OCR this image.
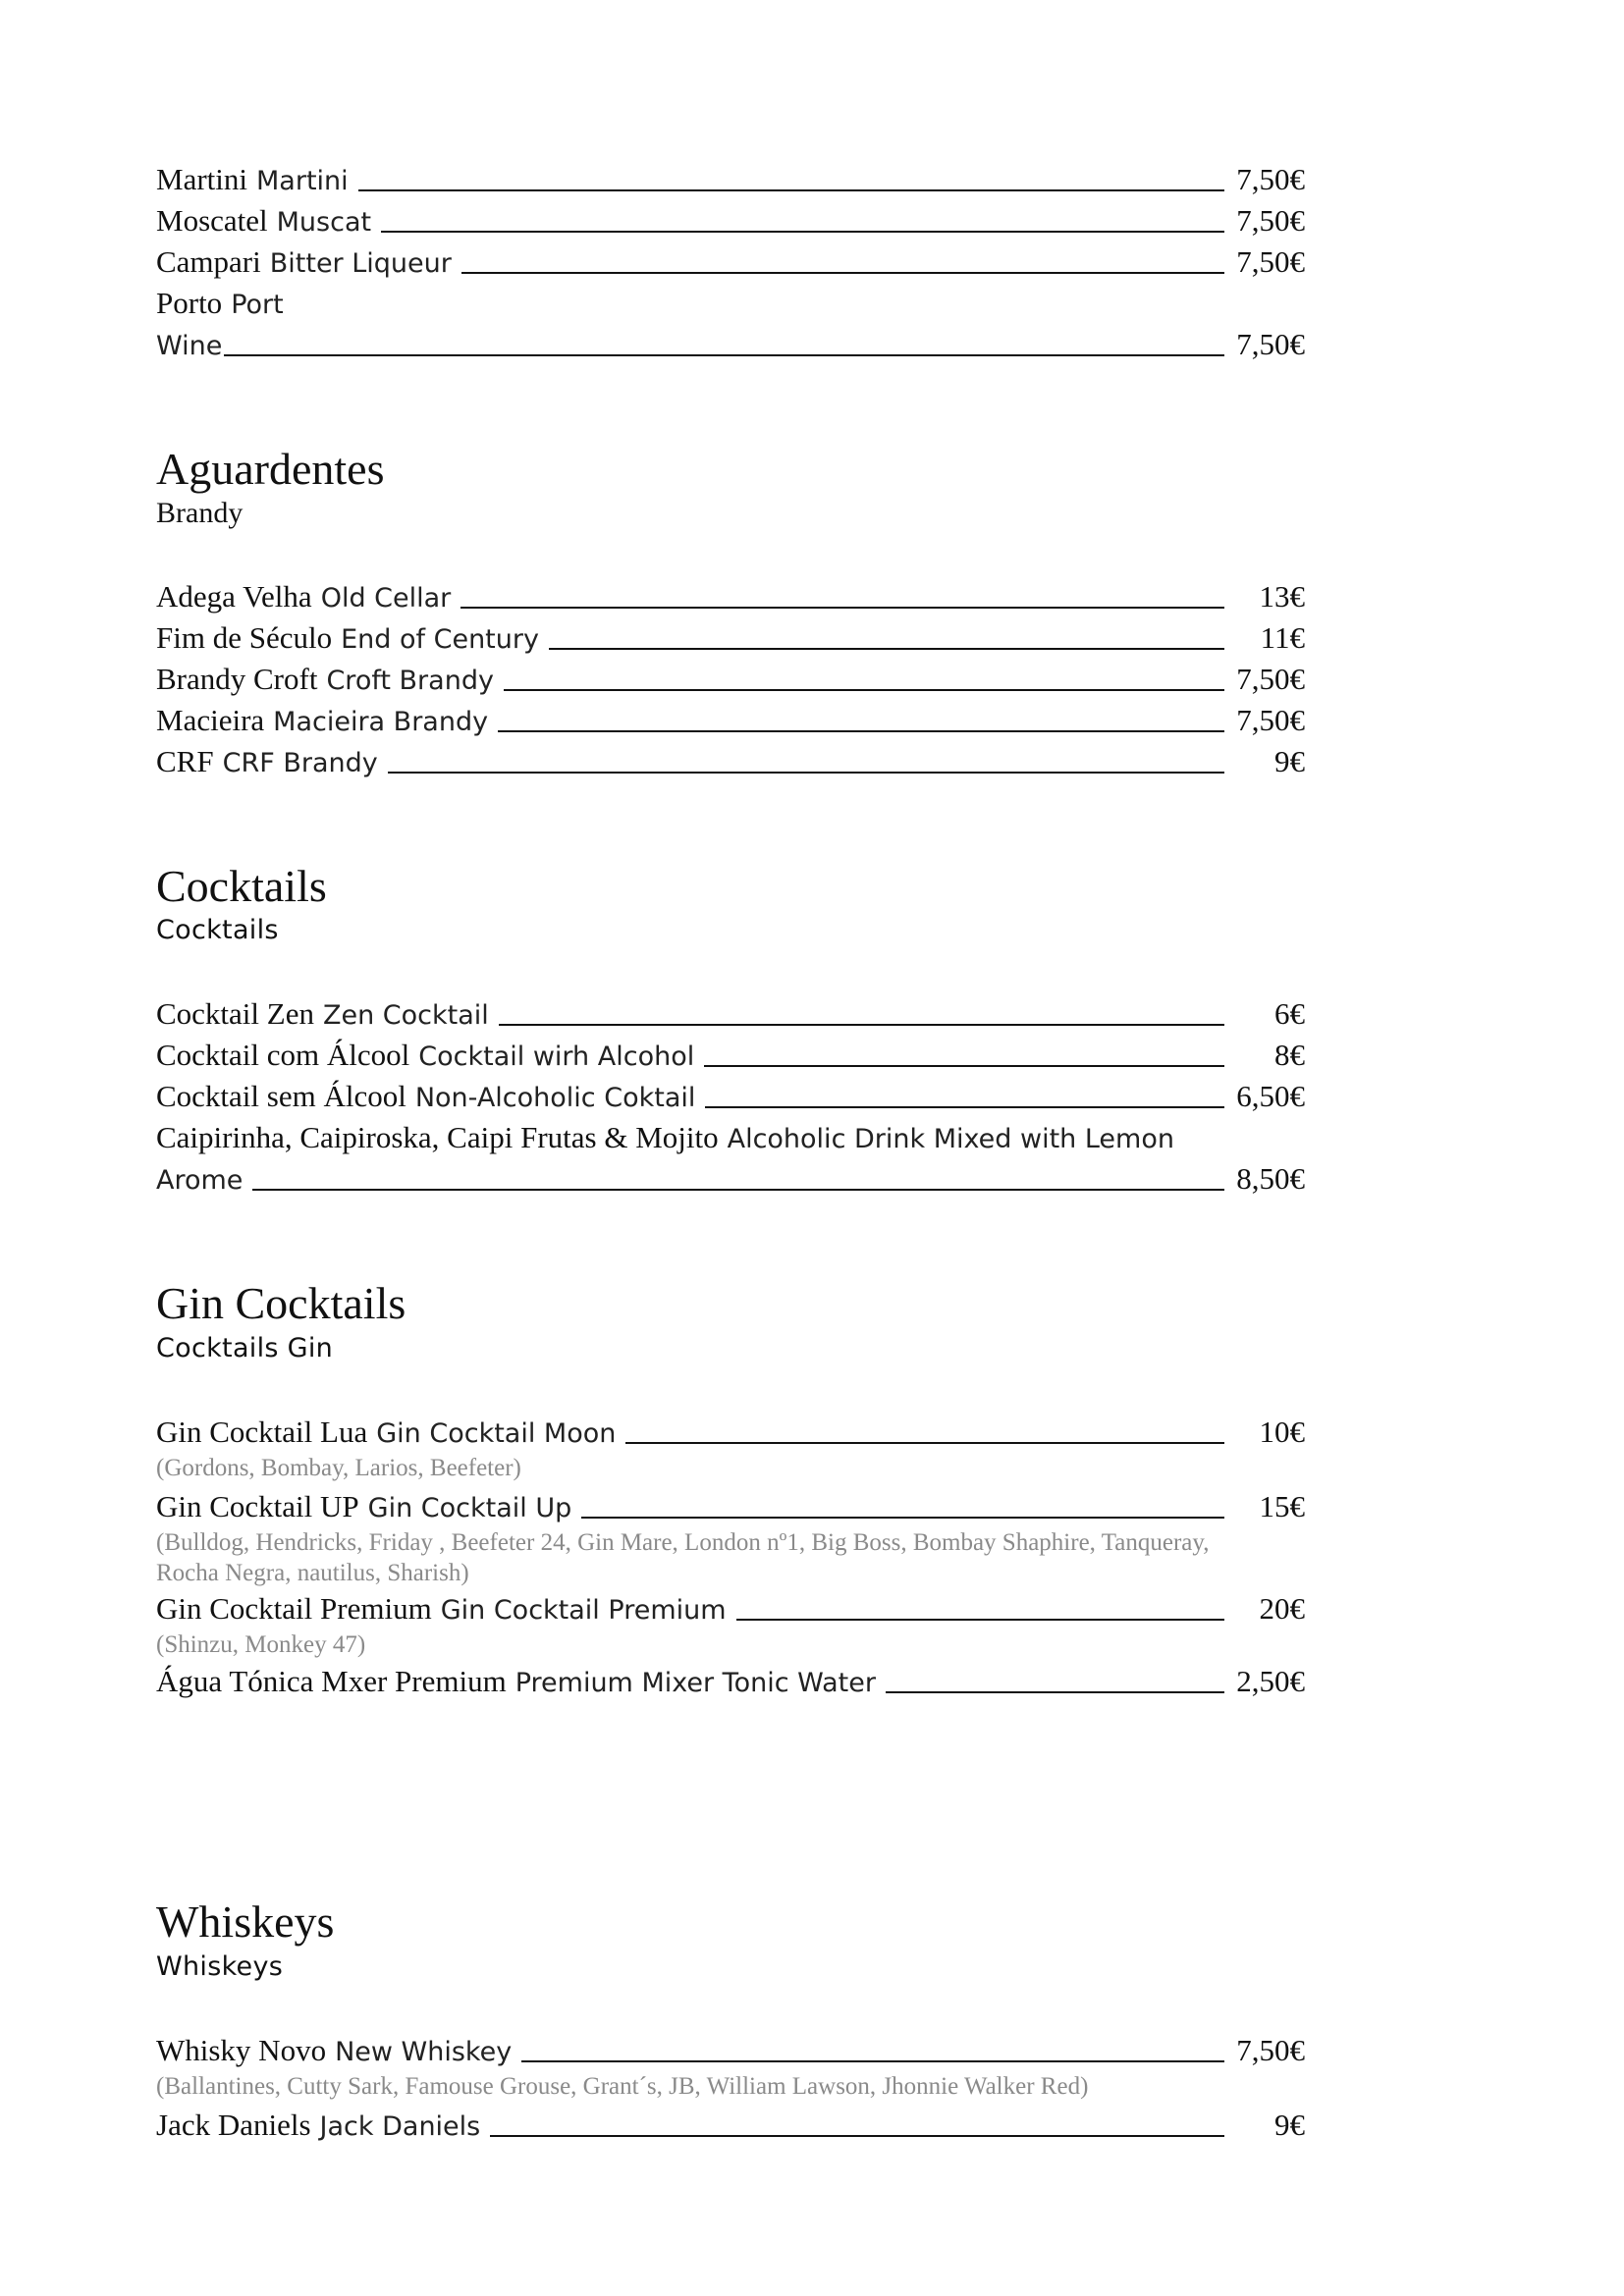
Martini Martini	7,50€
Moscatel Muscat	7,50€
Campari Bitter Liqueur	7,50€
Porto Port
Wine	7,50€
Aguardentes
Brandy
Adega Velha Old Cellar	13€
Fim de Século End of Century	11€
Brandy Croft Croft Brandy	7,50€
Macieira Macieira Brandy	7,50€
CRF CRF Brandy	9€
Cocktails
Cocktails
Cocktail Zen Zen Cocktail	6€
Cocktail com Álcool Cocktail wirh Alcohol	8€
Cocktail sem Álcool Non-Alcoholic Coktail	6,50€
Caipirinha, Caipiroska, Caipi Frutas & Mojito Alcoholic Drink Mixed with Lemon
Arome	8,50€
Gin Cocktails
Cocktails Gin
Gin Cocktail Lua Gin Cocktail Moon	10€
(Gordons, Bombay, Larios, Beefeter)
Gin Cocktail UP Gin Cocktail Up	15€
(Bulldog, Hendricks, Friday , Beefeter 24, Gin Mare, London nº1, Big Boss, Bombay Shaphire, Tanqueray, Rocha Negra, nautilus, Sharish)
Gin Cocktail Premium Gin Cocktail Premium	20€
(Shinzu, Monkey 47)
Água Tónica Mxer Premium Premium Mixer Tonic Water	2,50€
Whiskeys
Whiskeys
Whisky Novo New Whiskey	7,50€
(Ballantines, Cutty Sark, Famouse Grouse, Grant´s, JB, William Lawson, Jhonnie Walker Red)
Jack Daniels Jack Daniels	9€
